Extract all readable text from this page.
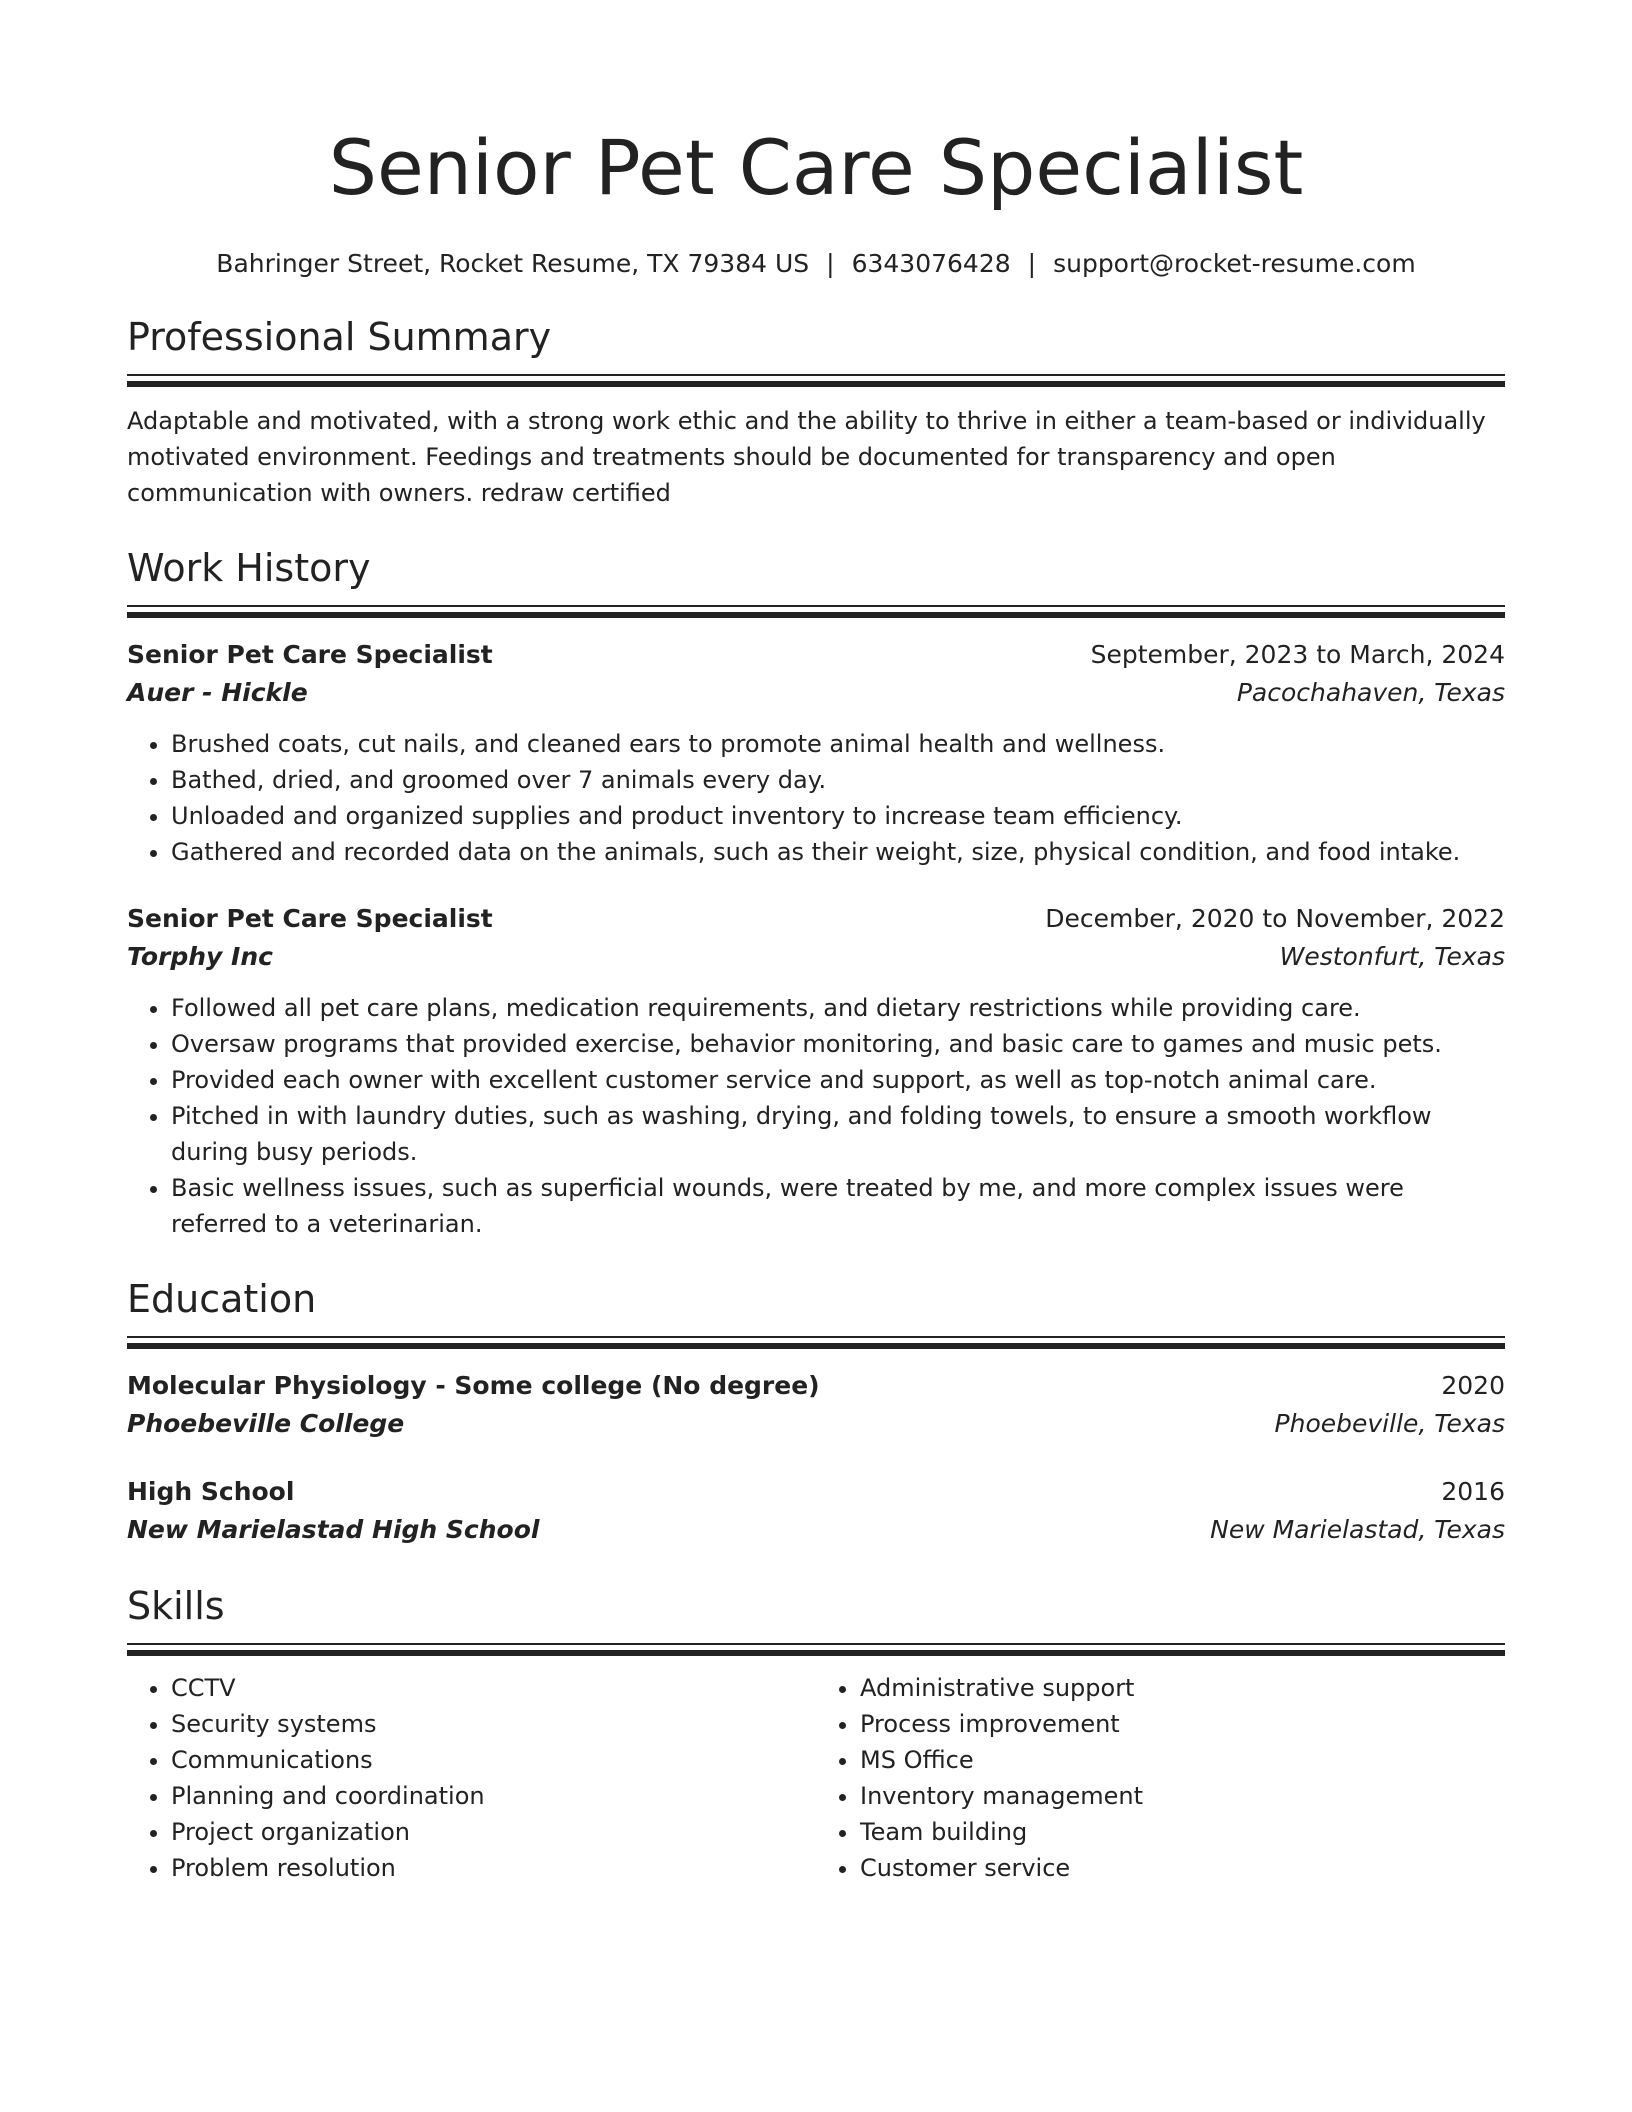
Senior Pet Care Specialist
Bahringer Street, Rocket Resume, TX 79384 US | 6343076428 | support@rocket-resume.com
Professional Summary
Adaptable and motivated, with a strong work ethic and the ability to thrive in either a team-based or individually motivated environment. Feedings and treatments should be documented for transparency and open communication with owners. redraw certified
Work History
Senior Pet Care Specialist	September, 2023 to March, 2024
Auer - Hickle	Pacochahaven, Texas
• Brushed coats, cut nails, and cleaned ears to promote animal health and wellness.
• Bathed, dried, and groomed over 7 animals every day.
• Unloaded and organized supplies and product inventory to increase team efficiency.
• Gathered and recorded data on the animals, such as their weight, size, physical condition, and food intake.
Senior Pet Care Specialist	December, 2020 to November, 2022
Torphy Inc	Westonfurt, Texas
• Followed all pet care plans, medication requirements, and dietary restrictions while providing care.
• Oversaw programs that provided exercise, behavior monitoring, and basic care to games and music pets.
• Provided each owner with excellent customer service and support, as well as top-notch animal care.
• Pitched in with laundry duties, such as washing, drying, and folding towels, to ensure a smooth workflow during busy periods.
• Basic wellness issues, such as superficial wounds, were treated by me, and more complex issues were referred to a veterinarian.
Education
Molecular Physiology - Some college (No degree)	2020
Phoebeville College	Phoebeville, Texas
High School	2016
New Marielastad High School	New Marielastad, Texas
Skills
• CCTV
• Security systems
• Communications
• Planning and coordination
• Project organization
• Problem resolution
• Administrative support
• Process improvement
• MS Office
• Inventory management
• Team building
• Customer service
